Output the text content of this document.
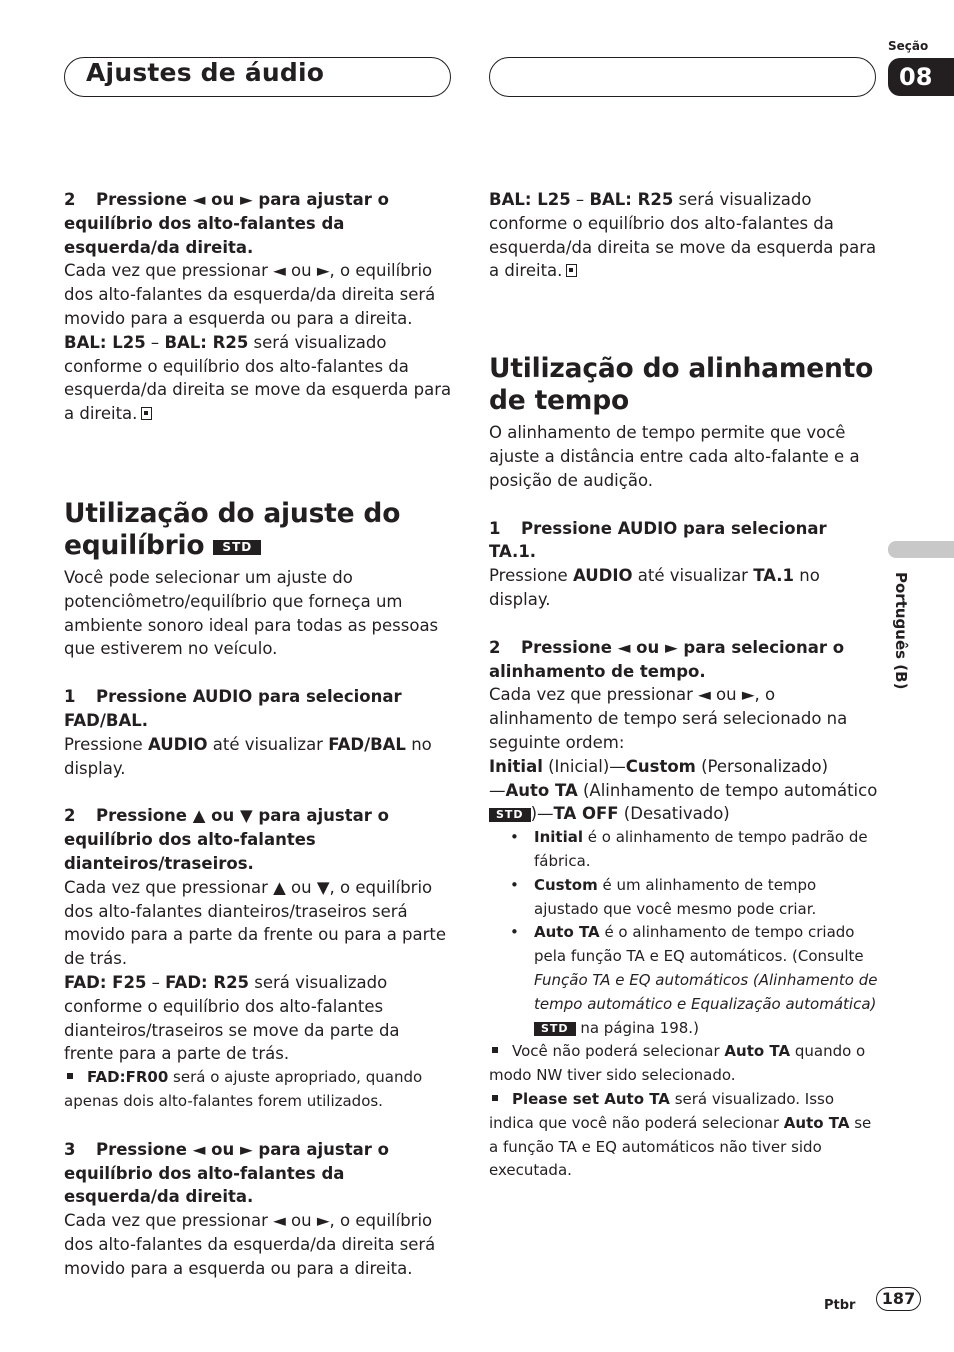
Ajustes de áudio
Seção
08
Português (B)

2 Pressione ◄ ou ► para ajustar o equilíbrio dos alto-falantes da esquerda/da direita.

Cada vez que pressionar ◄ ou ►, o equilíbrio dos alto-falantes da esquerda/da direita será movido para a esquerda ou para a direita.

BAL: L25 – BAL: R25 será visualizado conforme o equilíbrio dos alto-falantes da esquerda/da direita se move da esquerda para a direita.

Utilização do ajuste do equilíbrio STD

Você pode selecionar um ajuste do potenciômetro/equilíbrio que forneça um ambiente sonoro ideal para todas as pessoas que estiverem no veículo.

1 Pressione AUDIO para selecionar FAD/BAL.

Pressione AUDIO até visualizar FAD/BAL no display.

2 Pressione ▲ ou ▼ para ajustar o equilíbrio dos alto-falantes dianteiros/traseiros.

Cada vez que pressionar ▲ ou ▼, o equilíbrio dos alto-falantes dianteiros/traseiros será movido para a parte da frente ou para a parte de trás.

FAD: F25 – FAD: R25 será visualizado conforme o equilíbrio dos alto-falantes dianteiros/traseiros se move da parte da frente para a parte de trás.

FAD:FR00 será o ajuste apropriado, quando apenas dois alto-falantes forem utilizados.

3 Pressione ◄ ou ► para ajustar o equilíbrio dos alto-falantes da esquerda/da direita.

Cada vez que pressionar ◄ ou ►, o equilíbrio dos alto-falantes da esquerda/da direita será movido para a esquerda ou para a direita.

BAL: L25 – BAL: R25 será visualizado conforme o equilíbrio dos alto-falantes da esquerda/da direita se move da esquerda para a direita.

Utilização do alinhamento de tempo

O alinhamento de tempo permite que você ajuste a distância entre cada alto-falante e a posição de audição.

1 Pressione AUDIO para selecionar TA.1.

Pressione AUDIO até visualizar TA.1 no display.

2 Pressione ◄ ou ► para selecionar o alinhamento de tempo.

Cada vez que pressionar ◄ ou ►, o alinhamento de tempo será selecionado na seguinte ordem:

Initial (Inicial)—Custom (Personalizado)
—Auto TA (Alinhamento de tempo automático STD )—TA OFF (Desativado)

• Initial é o alinhamento de tempo padrão de fábrica.

• Custom é um alinhamento de tempo ajustado que você mesmo pode criar.

• Auto TA é o alinhamento de tempo criado pela função TA e EQ automáticos. (Consulte Função TA e EQ automáticos (Alinhamento de tempo automático e Equalização automática) STD na página 198.)

Você não poderá selecionar Auto TA quando o modo NW tiver sido selecionado.

Please set Auto TA será visualizado. Isso indica que você não poderá selecionar Auto TA se a função TA e EQ automáticos não tiver sido executada.

Ptbr	187
